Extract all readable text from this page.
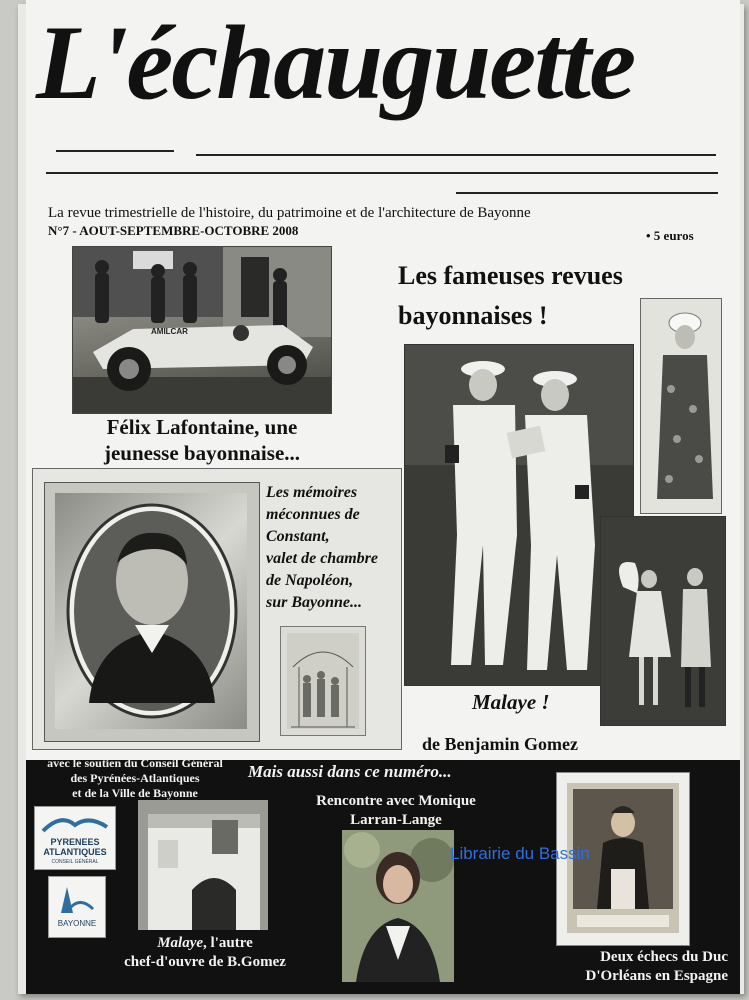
L'échauguette
La revue trimestrielle de l'histoire, du patrimoine et de l'architecture de Bayonne
N°7 - AOUT-SEPTEMBRE-OCTOBRE 2008	• 5 euros
AMILCAR
Félix Lafontaine, une
jeunesse bayonnaise...
Les fameuses revues
bayonnaises !
Les mémoires
méconnues de
Constant,
valet de chambre
de Napoléon,
sur Bayonne...
Malaye !
de Benjamin Gomez
avec le soutien du Conseil Général
des Pyrénées-Atlantiques
et de la Ville de Bayonne
Mais aussi dans ce numéro...
PYRENEES
ATLANTIQUES
CONSEIL GÉNÉRAL
BAYONNE
Malaye, l'autre
chef-d'ouvre de B.Gomez
Rencontre avec Monique
Larran-Lange
Deux échecs du Duc
D'Orléans en Espagne
Librairie du Bassin
